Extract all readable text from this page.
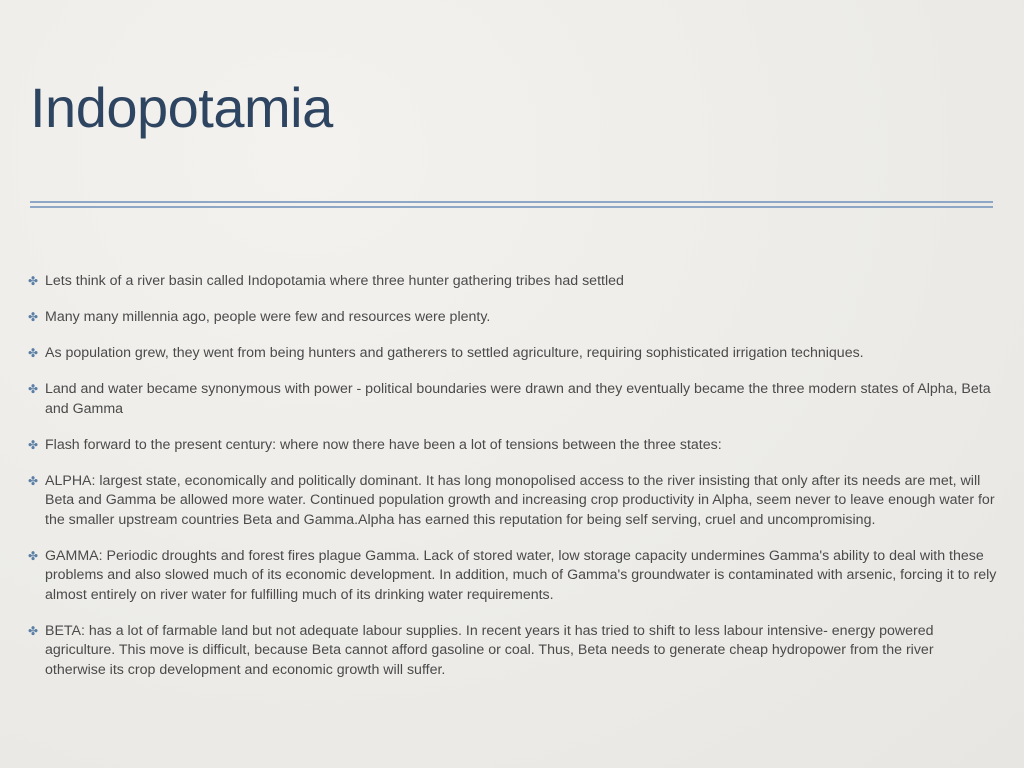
Indopotamia
✤ Lets think of a river basin called Indopotamia where three hunter gathering tribes had settled
✤ Many many millennia ago, people were few and resources were plenty.
✤ As population grew, they went from being hunters and gatherers to settled agriculture, requiring sophisticated irrigation techniques.
✤ Land and water became synonymous with power - political boundaries were drawn and they eventually became the three modern states of Alpha, Beta and Gamma
✤ Flash forward to the present century: where now there have been a lot of tensions between the three states:
✤ ALPHA: largest state, economically and politically dominant. It has long monopolised access to the river insisting that only after its needs are met, will Beta and Gamma be allowed more water. Continued population growth and increasing crop productivity in Alpha, seem never to leave enough water for the smaller upstream countries Beta and Gamma.Alpha has earned this reputation for being self serving, cruel and uncompromising.
✤ GAMMA: Periodic droughts and forest fires plague Gamma. Lack of stored water, low storage capacity undermines Gamma's ability to deal with these problems and also slowed much of its economic development. In addition, much of Gamma's groundwater is contaminated with arsenic, forcing it to rely almost entirely on river water for fulfilling much of its drinking water requirements.
✤ BETA: has a lot of farmable land but not adequate labour supplies. In recent years it has tried to shift to less labour intensive- energy powered agriculture. This move is difficult, because Beta cannot afford gasoline or coal. Thus, Beta needs to generate cheap hydropower from the river otherwise its crop development and economic growth will suffer.
